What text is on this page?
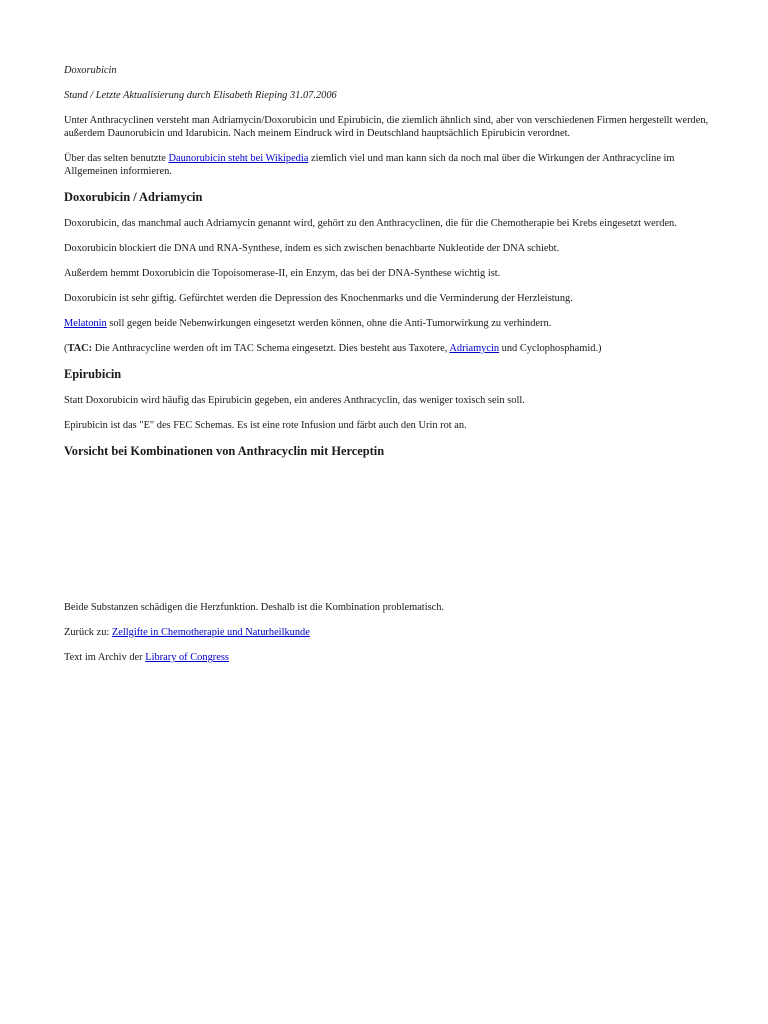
Doxorubicin

Stand / Letzte Aktualisierung durch Elisabeth Rieping 31.07.2006

Unter Anthracyclinen versteht man Adriamycin/Doxorubicin und Epirubicin, die ziemlich ähnlich sind, aber von verschiedenen Firmen hergestellt werden, außerdem Daunorubicin und Idarubicin. Nach meinem Eindruck wird in Deutschland hauptsächlich Epirubicin verordnet.

Über das selten benutzte Daunorubicin steht bei Wikipedia ziemlich viel und man kann sich da noch mal über die Wirkungen der Anthracycline im Allgemeinen informieren.

Doxorubicin / Adriamycin

Doxorubicin, das manchmal auch Adriamycin genannt wird, gehört zu den Anthracyclinen, die für die Chemotherapie bei Krebs eingesetzt werden.

Doxorubicin blockiert die DNA und RNA-Synthese, indem es sich zwischen benachbarte Nukleotide der DNA schiebt.

Außerdem hemmt Doxorubicin die Topoisomerase-II, ein Enzym, das bei der DNA-Synthese wichtig ist.

Doxorubicin ist sehr giftig. Gefürchtet werden die Depression des Knochenmarks und die Verminderung der Herzleistung.

Melatonin soll gegen beide Nebenwirkungen eingesetzt werden können, ohne die Anti-Tumorwirkung zu verhindern.

(TAC: Die Anthracycline werden oft im TAC Schema eingesetzt. Dies besteht aus Taxotere, Adriamycin und Cyclophosphamid.)

Epirubicin

Statt Doxorubicin wird häufig das Epirubicin gegeben, ein anderes Anthracyclin, das weniger toxisch sein soll.

Epirubicin ist das "E" des FEC Schemas. Es ist eine rote Infusion und färbt auch den Urin rot an.

Vorsicht bei Kombinationen von Anthracyclin mit Herceptin

Beide Substanzen schädigen die Herzfunktion. Deshalb ist die Kombination problematisch.

Zurück zu: Zellgifte in Chemotherapie und Naturheilkunde

Text im Archiv der Library of Congress
